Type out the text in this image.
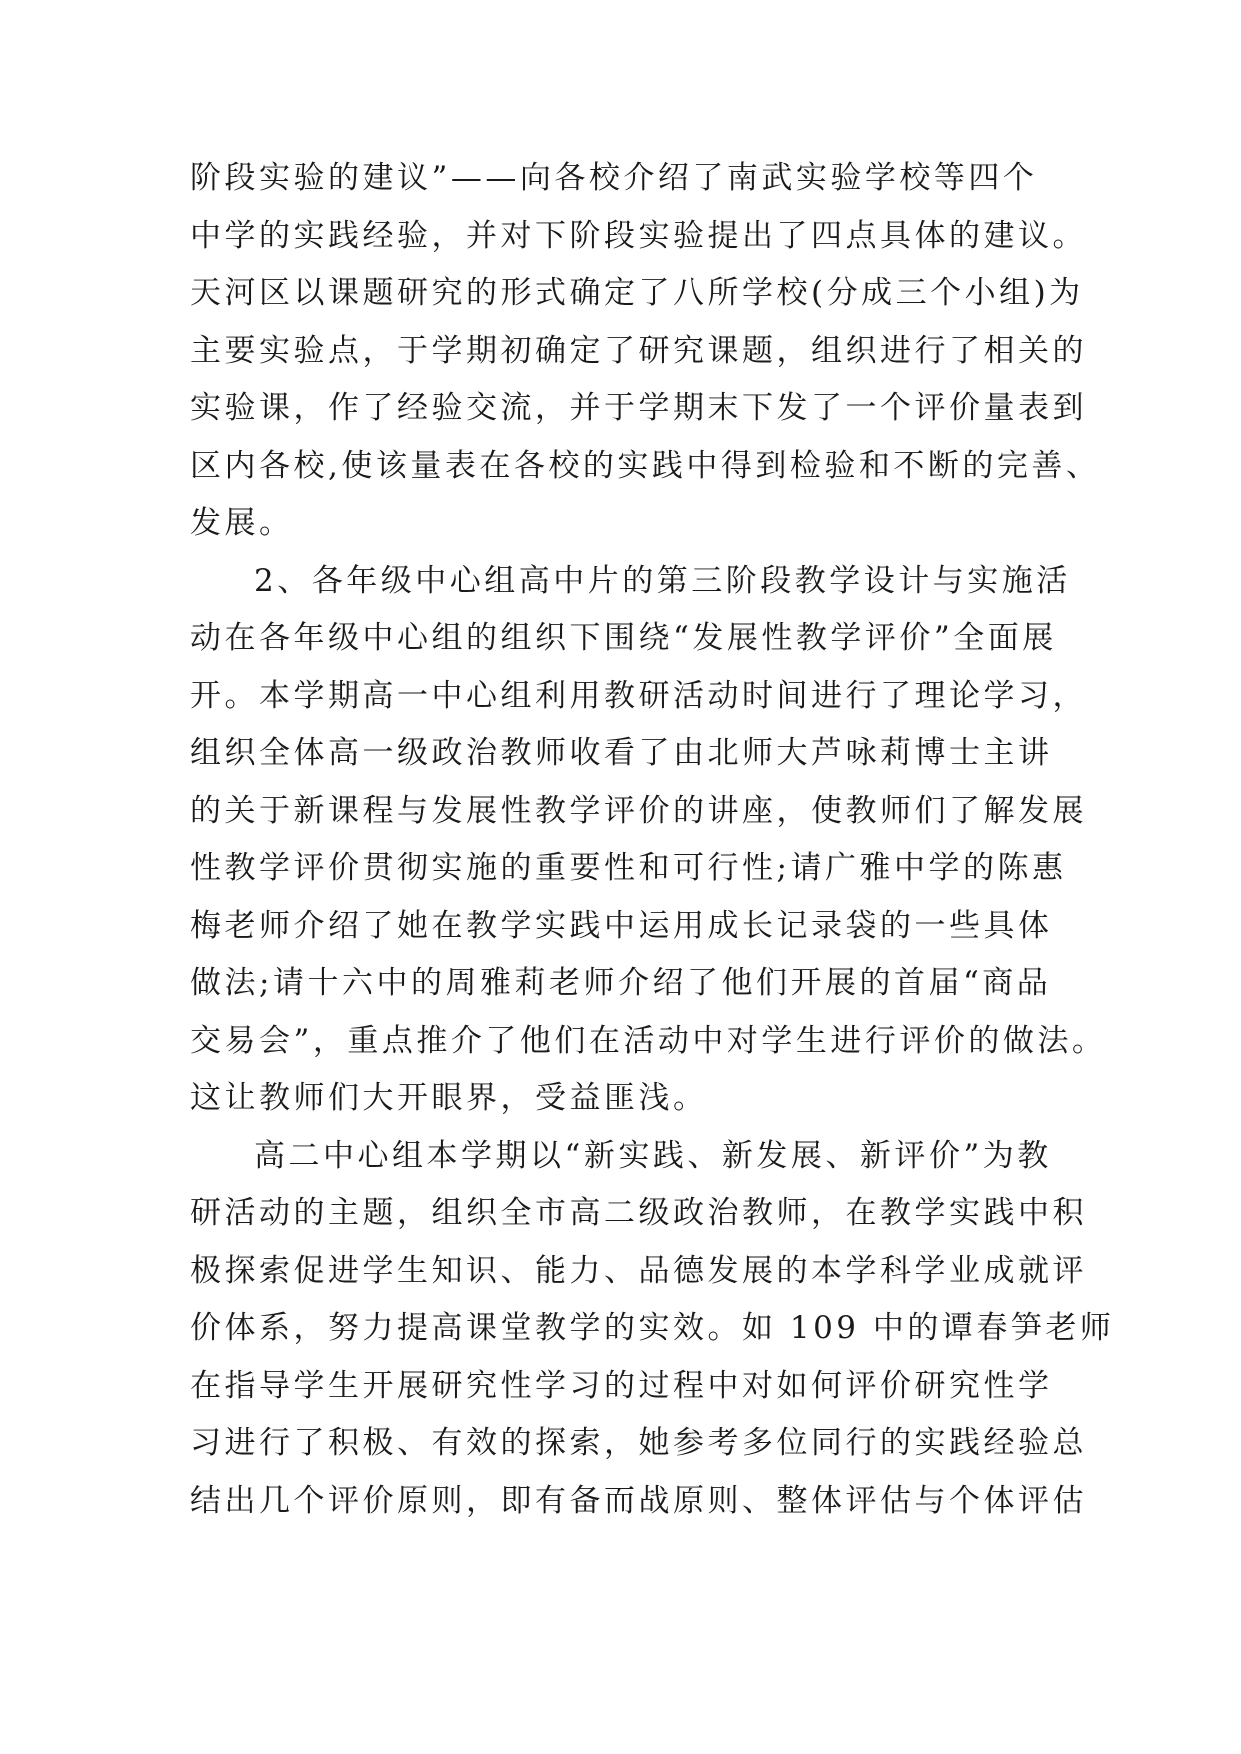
阶段实验的建议”——向各校介绍了南武实验学校等四个
中学的实践经验，并对下阶段实验提出了四点具体的建议。
天河区以课题研究的形式确定了八所学校(分成三个小组)为
主要实验点，于学期初确定了研究课题，组织进行了相关的
实验课，作了经验交流，并于学期末下发了一个评价量表到
区内各校,使该量表在各校的实践中得到检验和不断的完善、
发展。
2、各年级中心组高中片的第三阶段教学设计与实施活
动在各年级中心组的组织下围绕“发展性教学评价”全面展
开。本学期高一中心组利用教研活动时间进行了理论学习，
组织全体高一级政治教师收看了由北师大芦咏莉博士主讲
的关于新课程与发展性教学评价的讲座，使教师们了解发展
性教学评价贯彻实施的重要性和可行性;请广雅中学的陈惠
梅老师介绍了她在教学实践中运用成长记录袋的一些具体
做法;请十六中的周雅莉老师介绍了他们开展的首届“商品
交易会”，重点推介了他们在活动中对学生进行评价的做法。
这让教师们大开眼界，受益匪浅。
高二中心组本学期以“新实践、新发展、新评价”为教
研活动的主题，组织全市高二级政治教师，在教学实践中积
极探索促进学生知识、能力、品德发展的本学科学业成就评
价体系，努力提高课堂教学的实效。如 109 中的谭春笋老师
在指导学生开展研究性学习的过程中对如何评价研究性学
习进行了积极、有效的探索，她参考多位同行的实践经验总
结出几个评价原则，即有备而战原则、整体评估与个体评估
